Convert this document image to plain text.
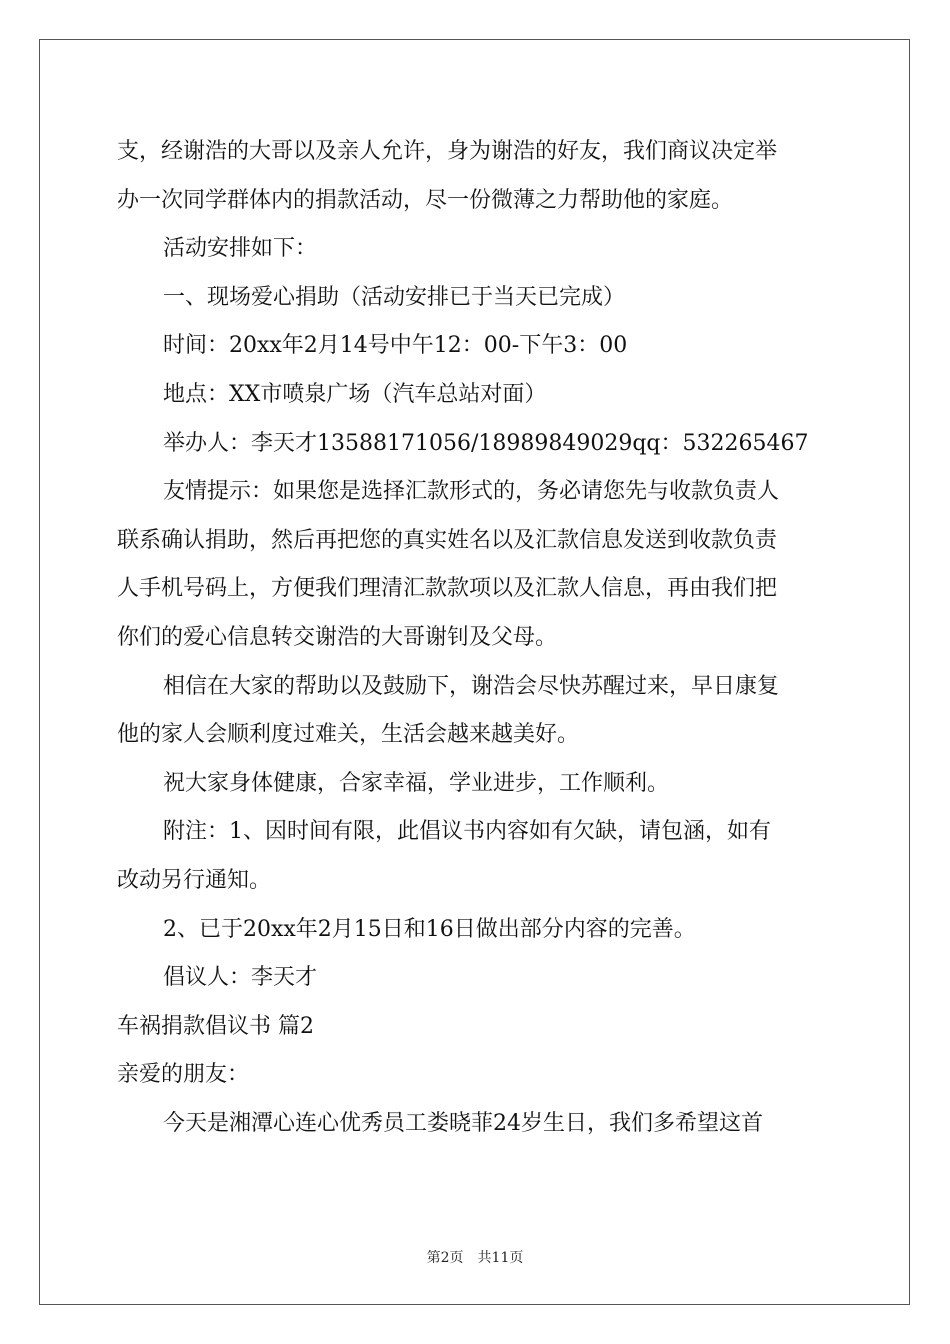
支，经谢浩的大哥以及亲人允许，身为谢浩的好友，我们商议决定举

办一次同学群体内的捐款活动，尽一份微薄之力帮助他的家庭。

活动安排如下：

一、现场爱心捐助（活动安排已于当天已完成）

时间：20xx年2月14号中午12：00-下午3：00

地点：XX市喷泉广场（汽车总站对面）

举办人：李天才13588171056/18989849029qq：532265467

友情提示：如果您是选择汇款形式的，务必请您先与收款负责人

联系确认捐助，然后再把您的真实姓名以及汇款信息发送到收款负责

人手机号码上，方便我们理清汇款款项以及汇款人信息，再由我们把

你们的爱心信息转交谢浩的大哥谢钊及父母。

相信在大家的帮助以及鼓励下，谢浩会尽快苏醒过来，早日康复

他的家人会顺利度过难关，生活会越来越美好。

祝大家身体健康，合家幸福，学业进步，工作顺利。

附注：1、因时间有限，此倡议书内容如有欠缺，请包涵，如有

改动另行通知。

2、已于20xx年2月15日和16日做出部分内容的完善。

倡议人：李天才

车祸捐款倡议书 篇2

亲爱的朋友：

今天是湘潭心连心优秀员工娄晓菲24岁生日，我们多希望这首

第2页　共11页
